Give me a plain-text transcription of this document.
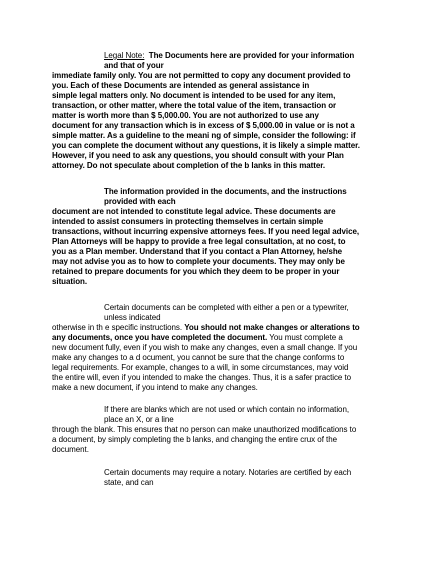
Legal Note: The Documents here are provided for your information
and that of your
immediate family only. You are not permitted to copy any document provided to
you. Each of these Documents are intended as general assistance in
simple legal matters only. No document is intended to be used for any item,
transaction, or other matter, where the total value of the item, transaction or
matter is worth more than $ 5,000.00. You are not authorized to use any
document for any transaction which is in excess of $ 5,000.00 in value or is not a
simple matter. As a guideline to the meani ng of simple, consider the following: if
you can complete the document without any questions, it is likely a simple matter.
However, if you need to ask any questions, you should consult with your Plan
attorney. Do not speculate about completion of the b lanks in this matter.
The information provided in the documents, and the instructions
provided with each
document are not intended to constitute legal advice. These documents are
intended to assist consumers in protecting themselves in certain simple
transactions, without incurring expensive attorneys fees. If you need legal advice,
Plan Attorneys will be happy to provide a free legal consultation, at no cost, to
you as a Plan member. Understand that if you contact a Plan Attorney, he/she
may not advise you as to how to complete your documents. They may only be
retained to prepare documents for you which they deem to be proper in your
situation.
Certain documents can be completed with either a pen or a typewriter,
unless indicated
otherwise in th e specific instructions. You should not make changes or alterations to
any documents, once you have completed the document. You must complete a
new document fully, even if you wish to make any changes, even a small change. If you
make any changes to a d ocument, you cannot be sure that the change conforms to
legal requirements. For example, changes to a will, in some circumstances, may void
the entire will, even if you intended to make the changes. Thus, it is a safer practice to
make a new document, if you intend to make any changes.
If there are blanks which are not used or which contain no information,
place an X, or a line
through the blank. This ensures that no person can make unauthorized modifications to
a document, by simply completing the b lanks, and changing the entire crux of the
document.
Certain documents may require a notary. Notaries are certified by each
state, and can
